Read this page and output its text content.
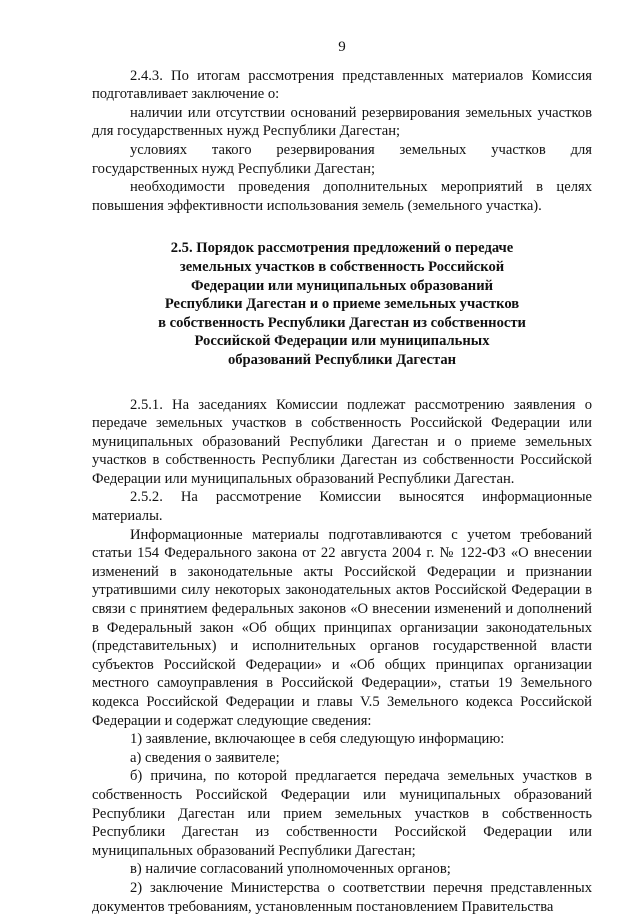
9

2.4.3. По итогам рассмотрения представленных материалов Комиссия подготавливает заключение о:

наличии или отсутствии оснований резервирования земельных участков для государственных нужд Республики Дагестан;

условиях такого резервирования земельных участков для государственных нужд Республики Дагестан;

необходимости проведения дополнительных мероприятий в целях повышения эффективности использования земель (земельного участка).

2.5. Порядок рассмотрения предложений о передаче
земельных участков в собственность Российской
Федерации или муниципальных образований
Республики Дагестан и о приеме земельных участков
в собственность Республики Дагестан из собственности
Российской Федерации или муниципальных
образований Республики Дагестан

2.5.1. На заседаниях Комиссии подлежат рассмотрению заявления о передаче земельных участков в собственность Российской Федерации или муниципальных образований Республики Дагестан и о приеме земельных участков в собственность Республики Дагестан из собственности Российской Федерации или муниципальных образований Республики Дагестан.

2.5.2. На рассмотрение Комиссии выносятся информационные материалы.

Информационные материалы подготавливаются с учетом требований статьи 154 Федерального закона от 22 августа 2004 г. № 122-ФЗ «О внесении изменений в законодательные акты Российской Федерации и признании утратившими силу некоторых законодательных актов Российской Федерации в связи с принятием федеральных законов «О внесении изменений и дополнений в Федеральный закон «Об общих принципах организации законодательных (представительных) и исполнительных органов государственной власти субъектов Российской Федерации» и «Об общих принципах организации местного самоуправления в Российской Федерации», статьи 19 Земельного кодекса Российской Федерации и главы V.5 Земельного кодекса Российской Федерации и содержат следующие сведения:

1) заявление, включающее в себя следующую информацию:

а) сведения о заявителе;

б) причина, по которой предлагается передача земельных участков в собственность Российской Федерации или муниципальных образований Республики Дагестан или прием земельных участков в собственность Республики Дагестан из собственности Российской Федерации или муниципальных образований Республики Дагестан;

в) наличие согласований уполномоченных органов;

2) заключение Министерства о соответствии перечня представленных документов требованиям, установленным постановлением Правительства
